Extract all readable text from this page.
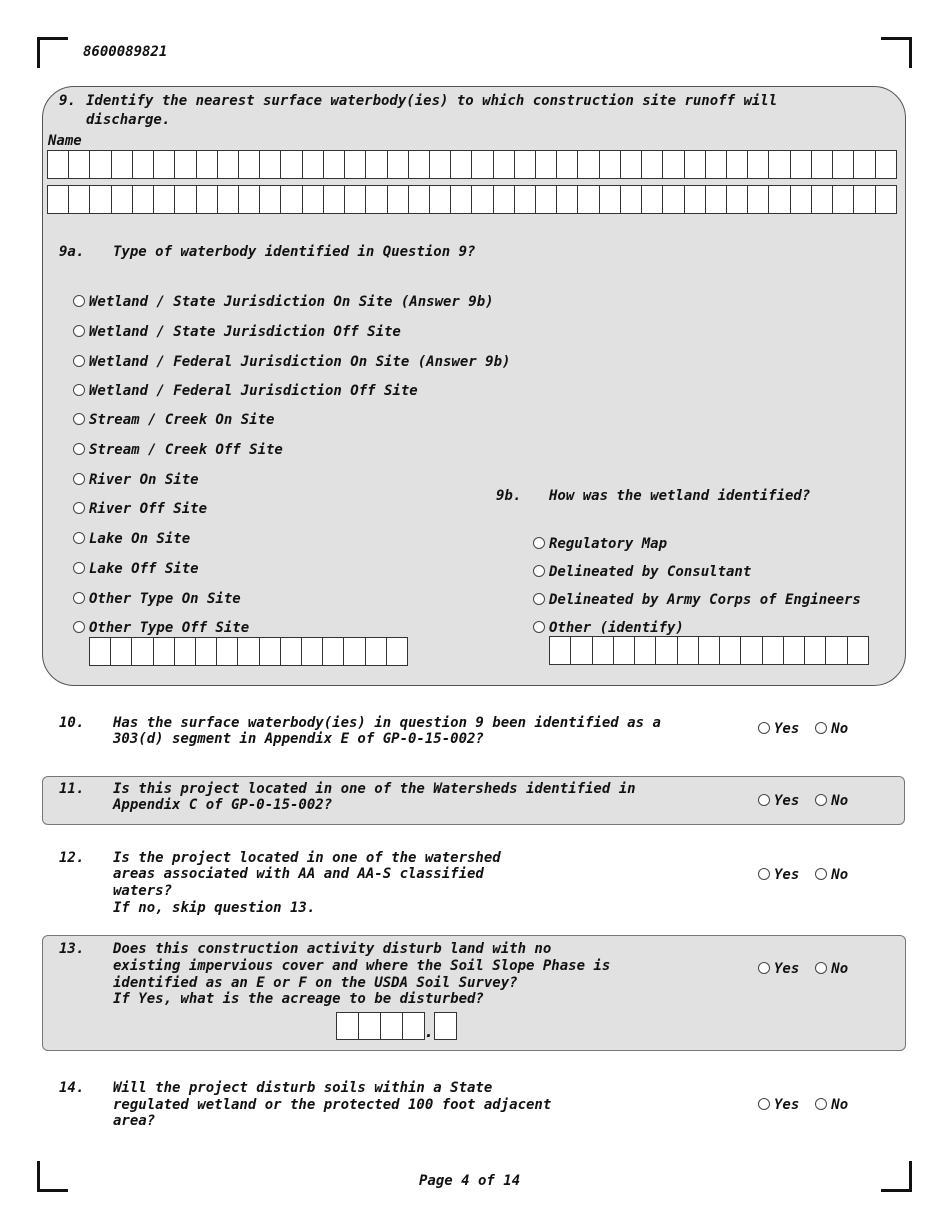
8600089821
9. Identify the nearest surface waterbody(ies) to which construction site runoff will
discharge.
Name
9a. Type of waterbody identified in Question 9?
Wetland / State Jurisdiction On Site (Answer 9b)
Wetland / State Jurisdiction Off Site
Wetland / Federal Jurisdiction On Site (Answer 9b)
Wetland / Federal Jurisdiction Off Site
Stream / Creek On Site
Stream / Creek Off Site
River On Site
River Off Site
Lake On Site
Lake Off Site
Other Type On Site
Other Type Off Site
9b. How was the wetland identified?
Regulatory Map
Delineated by Consultant
Delineated by Army Corps of Engineers
Other (identify)
10. Has the surface waterbody(ies) in question 9 been identified as a
303(d) segment in Appendix E of GP-0-15-002?
Yes No
11. Is this project located in one of the Watersheds identified in
Appendix C of GP-0-15-002?	Yes No
12. Is the project located in one of the watershed
areas associated with AA and AA-S classified
waters?
If no, skip question 13.
Yes No
13. Does this construction activity disturb land with no
existing impervious cover and where the Soil Slope Phase is
identified as an E or F on the USDA Soil Survey?
If Yes, what is the acreage to be disturbed?
Yes No
.
14. Will the project disturb soils within a State
regulated wetland or the protected 100 foot adjacent
area?
Yes No
Page 4 of 14
